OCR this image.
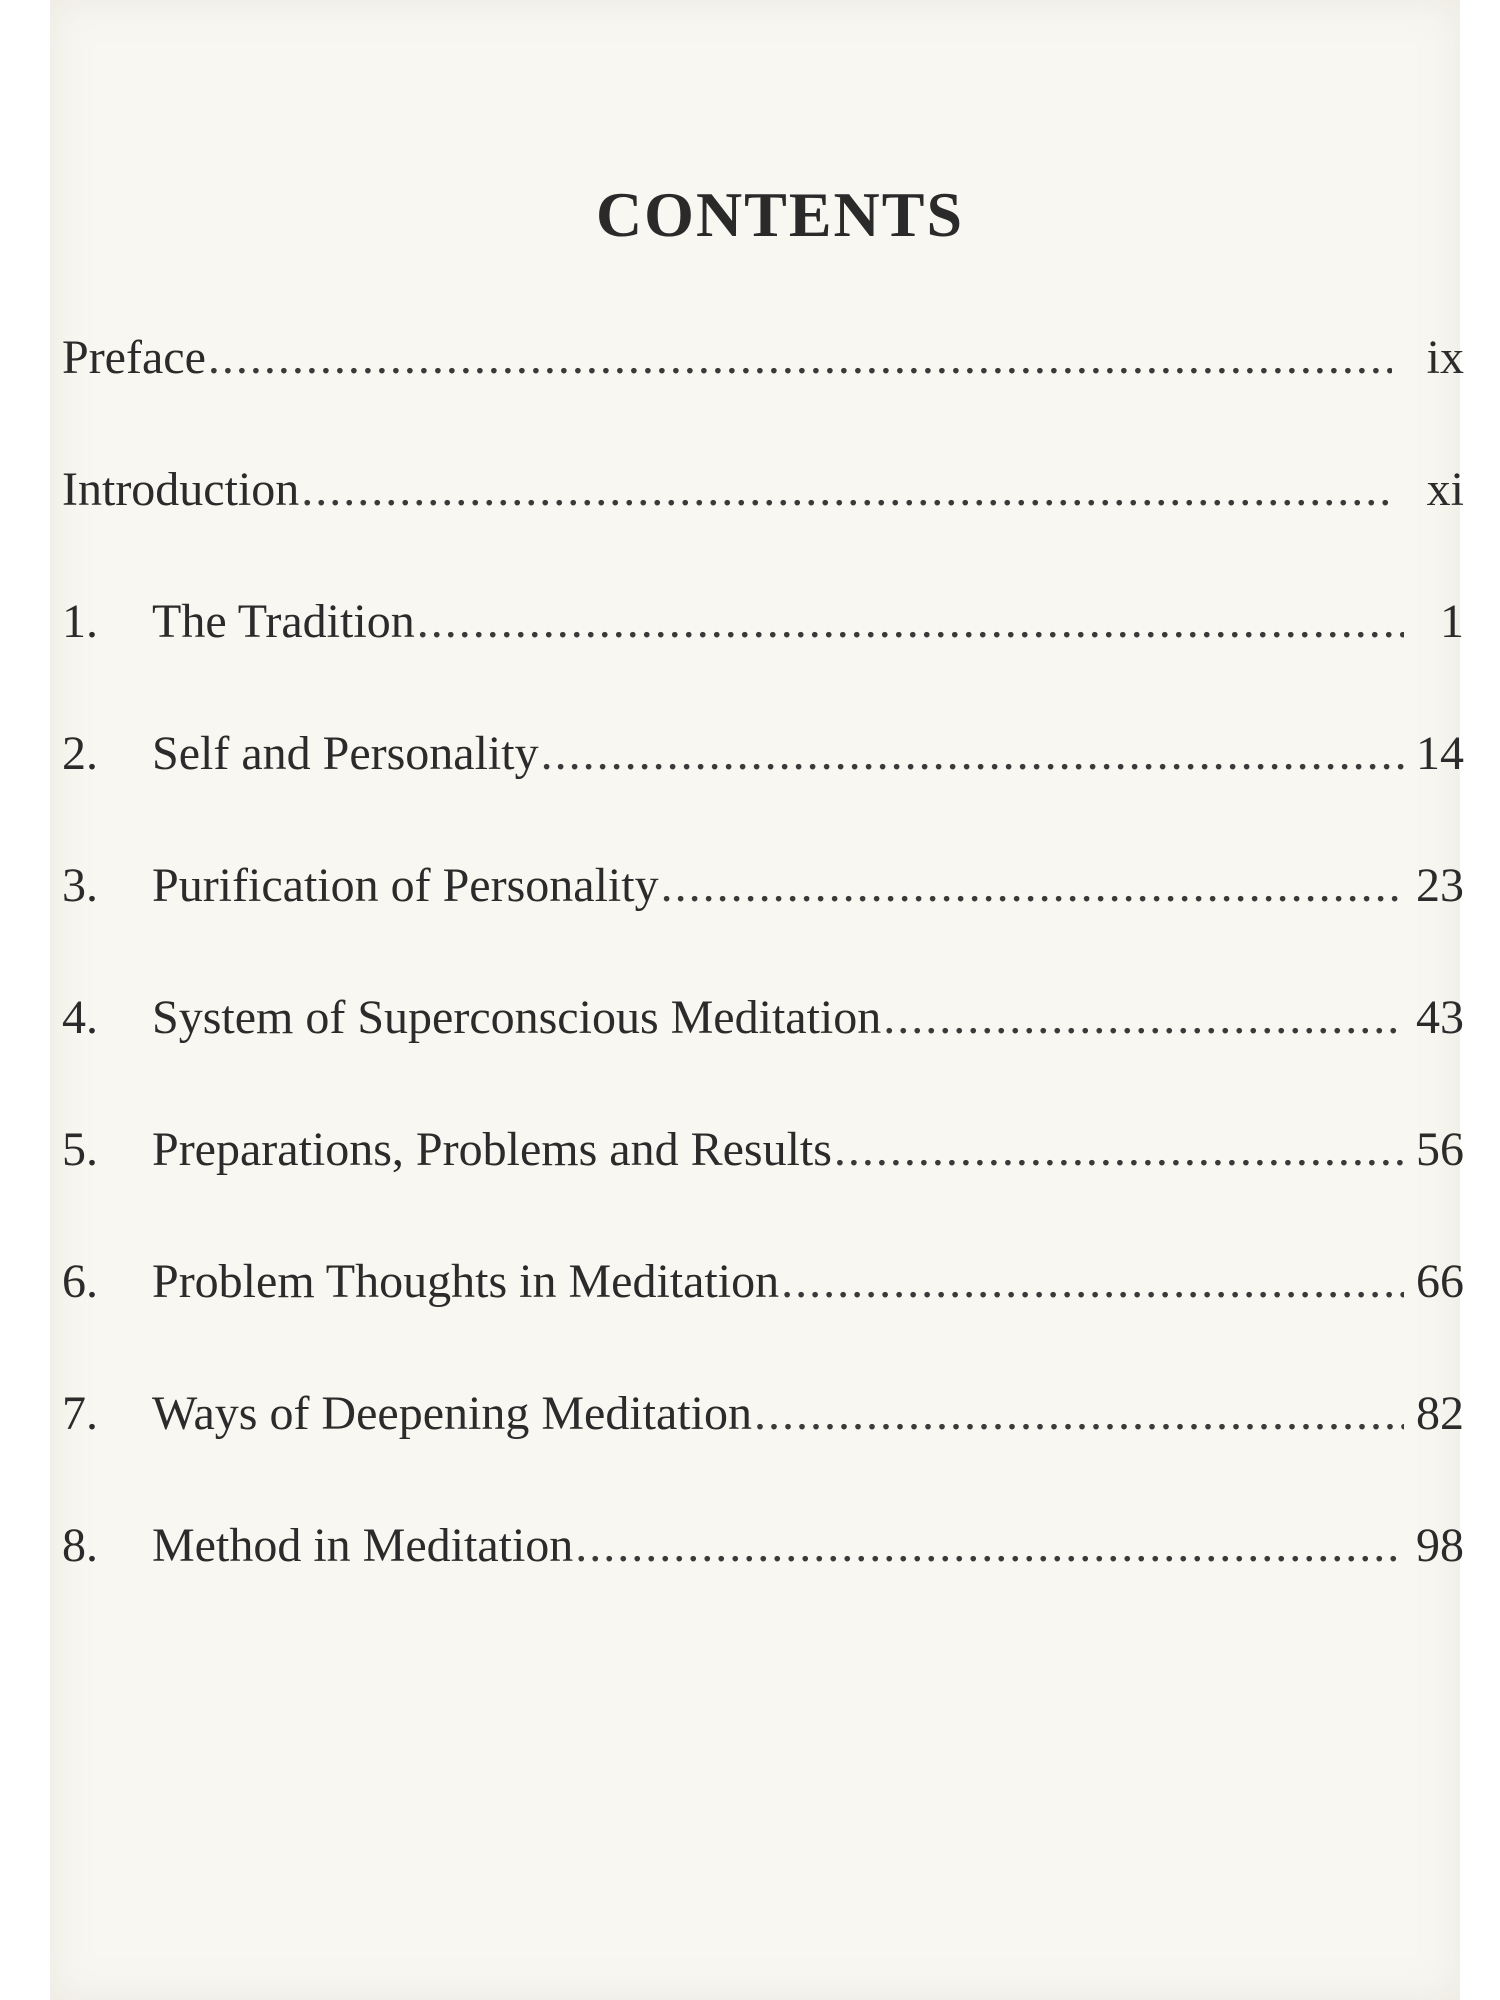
CONTENTS
Preface .....	ix
Introduction .....	xi
1.	The Tradition .....	1
2.	Self and Personality .....	14
3.	Purification of Personality .....	23
4.	System of Superconscious Meditation .....	43
5.	Preparations, Problems and Results .....	56
6.	Problem Thoughts in Meditation .....	66
7.	Ways of Deepening Meditation .....	82
8.	Method in Meditation .....	98
